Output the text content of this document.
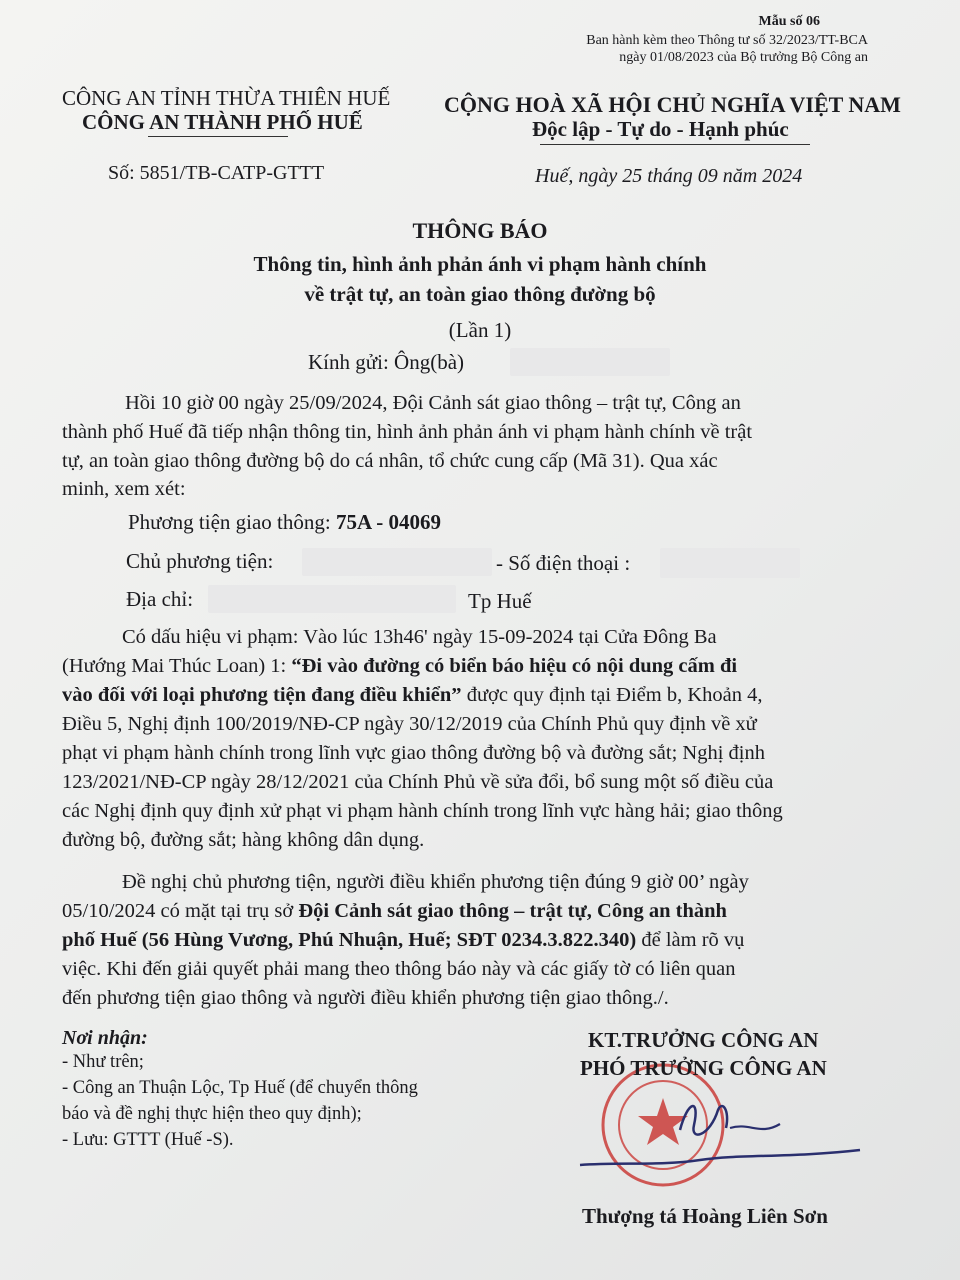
Mẫu số 06
Ban hành kèm theo Thông tư số 32/2023/TT-BCA
ngày 01/08/2023 của Bộ trưởng Bộ Công an
CÔNG AN TỈNH THỪA THIÊN HUẾ
CÔNG AN THÀNH PHỐ HUẾ
CỘNG HOÀ XÃ HỘI CHỦ NGHĨA VIỆT NAM
Độc lập - Tự do - Hạnh phúc
Số: 5851/TB-CATP-GTTT	Huế, ngày 25 tháng 09 năm 2024
THÔNG BÁO
Thông tin, hình ảnh phản ánh vi phạm hành chính
về trật tự, an toàn giao thông đường bộ
(Lần 1)
Kính gửi: Ông(bà)
Hồi 10 giờ 00 ngày 25/09/2024, Đội Cảnh sát giao thông – trật tự, Công an
thành phố Huế đã tiếp nhận thông tin, hình ảnh phản ánh vi phạm hành chính về trật
tự, an toàn giao thông đường bộ do cá nhân, tổ chức cung cấp (Mã 31). Qua xác
minh, xem xét:
Phương tiện giao thông: 75A - 04069
Chủ phương tiện:	- Số điện thoại :
Địa chỉ:	Tp Huế
Có dấu hiệu vi phạm: Vào lúc 13h46' ngày 15-09-2024 tại Cửa Đông Ba
(Hướng Mai Thúc Loan) 1: “Đi vào đường có biển báo hiệu có nội dung cấm đi
vào đối với loại phương tiện đang điều khiển” được quy định tại Điểm b, Khoản 4,
Điều 5, Nghị định 100/2019/NĐ-CP ngày 30/12/2019 của Chính Phủ quy định về xử
phạt vi phạm hành chính trong lĩnh vực giao thông đường bộ và đường sắt; Nghị định
123/2021/NĐ-CP ngày 28/12/2021 của Chính Phủ về sửa đổi, bổ sung một số điều của
các Nghị định quy định xử phạt vi phạm hành chính trong lĩnh vực hàng hải; giao thông
đường bộ, đường sắt; hàng không dân dụng.
Đề nghị chủ phương tiện, người điều khiển phương tiện đúng 9 giờ 00’ ngày
05/10/2024 có mặt tại trụ sở Đội Cảnh sát giao thông – trật tự, Công an thành
phố Huế (56 Hùng Vương, Phú Nhuận, Huế; SĐT 0234.3.822.340) để làm rõ vụ
việc. Khi đến giải quyết phải mang theo thông báo này và các giấy tờ có liên quan
đến phương tiện giao thông và người điều khiển phương tiện giao thông./.
Nơi nhận:
- Như trên;
- Công an Thuận Lộc, Tp Huế (để chuyển thông
báo và đề nghị thực hiện theo quy định);
- Lưu: GTTT (Huế -S).
KT.TRƯỞNG CÔNG AN
PHÓ TRƯỞNG CÔNG AN
Thượng tá Hoàng Liên Sơn
